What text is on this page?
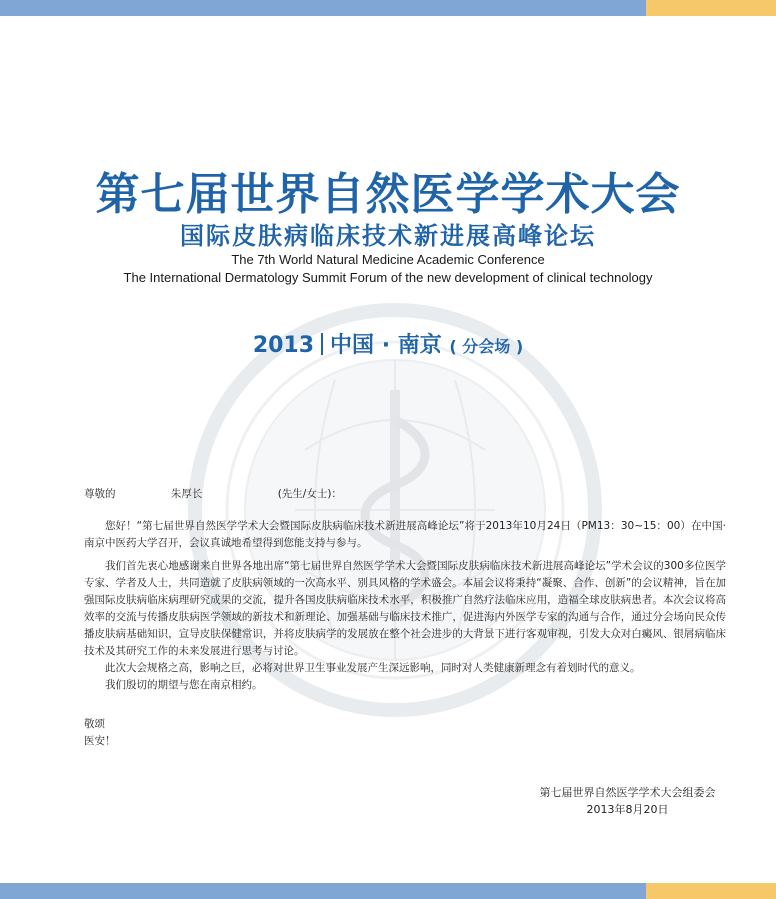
第七届世界自然医学学术大会
国际皮肤病临床技术新进展高峰论坛
The 7th World Natural Medicine Academic Conference
The International Dermatology Summit Forum of the new development of clinical technology
2013 中国 · 南京 ( 分会场 )
尊敬的	朱厚长	(先生/女士)：

您好！“第七届世界自然医学学术大会暨国际皮肤病临床技术新进展高峰论坛”将于2013年10月24日（PM13：30~15：00）在中国·南京中医药大学召开，会议真诚地希望得到您能支持与参与。

我们首先衷心地感谢来自世界各地出席“第七届世界自然医学学术大会暨国际皮肤病临床技术新进展高峰论坛”学术会议的300多位医学专家、学者及人士，共同造就了皮肤病领域的一次高水平、别具风格的学术盛会。本届会议将秉持“凝聚、合作、创新”的会议精神，旨在加强国际皮肤病临床病理研究成果的交流，提升各国皮肤病临床技术水平，积极推广自然疗法临床应用，造福全球皮肤病患者。本次会议将高效率的交流与传播皮肤病医学领域的新技术和新理论、加强基础与临床技术推广，促进海内外医学专家的沟通与合作，通过分会场向民众传播皮肤病基础知识，宣导皮肤保健常识，并将皮肤病学的发展放在整个社会进步的大背景下进行客观审视，引发大众对白癜风、银屑病临床技术及其研究工作的未来发展进行思考与讨论。

此次大会规格之高，影响之巨，必将对世界卫生事业发展产生深远影响，同时对人类健康新理念有着划时代的意义。

我们殷切的期望与您在南京相约。

敬颂
医安！
第七届世界自然医学学术大会组委会
2013年8月20日
